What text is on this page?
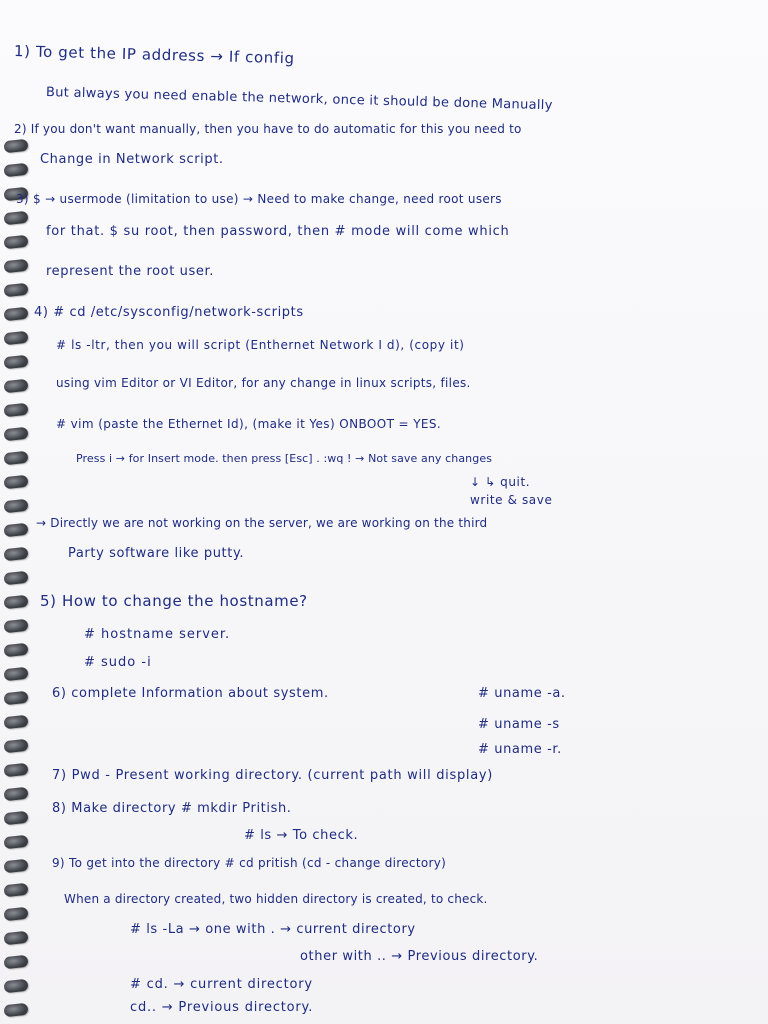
1) To get the IP address → If config
But always you need enable the network, once it should be done Manually
2) If you don't want manually, then you have to do automatic for this you need to
Change in Network script.
3) $ → usermode (limitation to use) → Need to make change, need root users
for that. $ su root, then password, then # mode will come which
represent the root user.
4) # cd /etc/sysconfig/network-scripts
# ls -ltr, then you will script (Enthernet Network I d), (copy it)
using vim Editor or VI Editor, for any change in linux scripts, files.
# vim (paste the Ethernet Id), (make it Yes) ONBOOT = YES.
Press i → for Insert mode. then press [Esc] . :wq ! → Not save any changes
↓ ↳ quit.
write & save
→ Directly we are not working on the server, we are working on the third
Party software like putty.
5) How to change the hostname?
# hostname server.
# sudo -i
6) complete Information about system.	# uname -a.
# uname -s
# uname -r.
7) Pwd - Present working directory. (current path will display)
8) Make directory # mkdir Pritish.
# ls → To check.
9) To get into the directory # cd pritish (cd - change directory)
When a directory created, two hidden directory is created, to check.
# ls -La → one with . → current directory
other with .. → Previous directory.
# cd. → current directory
cd.. → Previous directory.
